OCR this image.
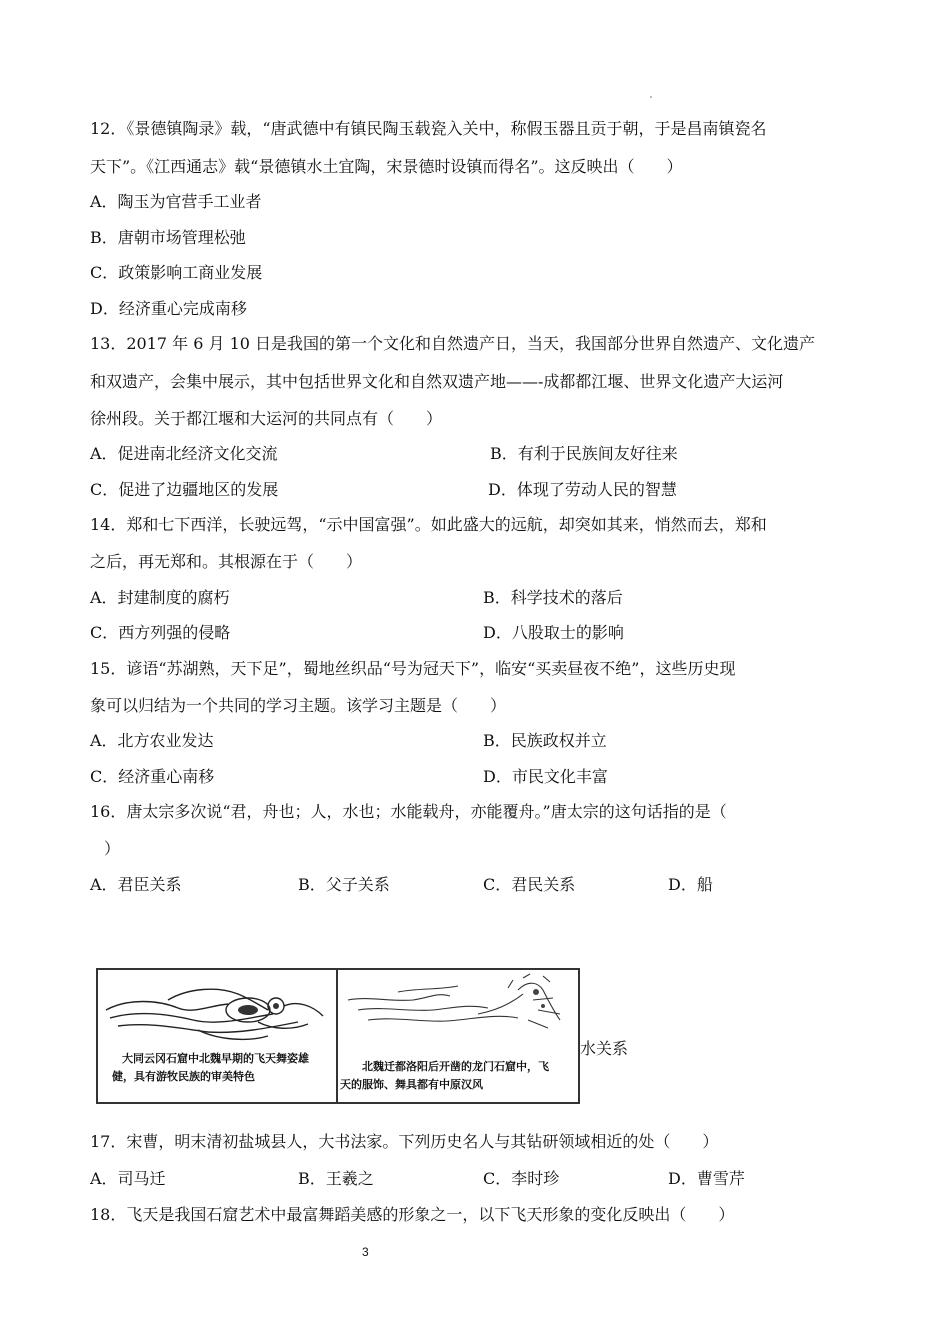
12．《景德镇陶录》载，“唐武德中有镇民陶玉载瓷入关中，称假玉器且贡于朝，于是昌南镇瓷名
天下”。《江西通志》载“景德镇水土宜陶，宋景德时设镇而得名”。这反映出（　　）
A．陶玉为官营手工业者
B．唐朝市场管理松弛
C．政策影响工商业发展
D．经济重心完成南移
13．2017 年 6 月 10 日是我国的第一个文化和自然遗产日，当天，我国部分世界自然遗产、文化遗产
和双遗产，会集中展示，其中包括世界文化和自然双遗产地——-成都都江堰、世界文化遗产大运河
徐州段。关于都江堰和大运河的共同点有（　　）
A．促进南北经济文化交流	B．有利于民族间友好往来
C．促进了边疆地区的发展	D．体现了劳动人民的智慧
14．郑和七下西洋，长驶远驾，“示中国富强”。如此盛大的远航，却突如其来，悄然而去，郑和
之后，再无郑和。其根源在于（　　）
A．封建制度的腐朽	B．科学技术的落后
C．西方列强的侵略	D．八股取士的影响
15．谚语“苏湖熟，天下足”，蜀地丝织品“号为冠天下”，临安“买卖昼夜不绝”，这些历史现
象可以归结为一个共同的学习主题。该学习主题是（　　）
A．北方农业发达	B．民族政权并立
C．经济重心南移	D．市民文化丰富
16．唐太宗多次说“君，舟也；人，水也；水能载舟，亦能覆舟。”唐太宗的这句话指的是（
）
A．君臣关系	B．父子关系	C．君民关系	D．船
大同云冈石窟中北魏早期的飞天舞姿雄
健，具有游牧民族的审美特色
北魏迁都洛阳后开凿的龙门石窟中，飞
天的服饰、舞具都有中原汉风
水关系
17．宋曹，明末清初盐城县人，大书法家。下列历史名人与其钻研领域相近的处（　　）
A．司马迁	B．王羲之	C．李时珍	D．曹雪芹
18．飞天是我国石窟艺术中最富舞蹈美感的形象之一，以下飞天形象的变化反映出（　　）
3
